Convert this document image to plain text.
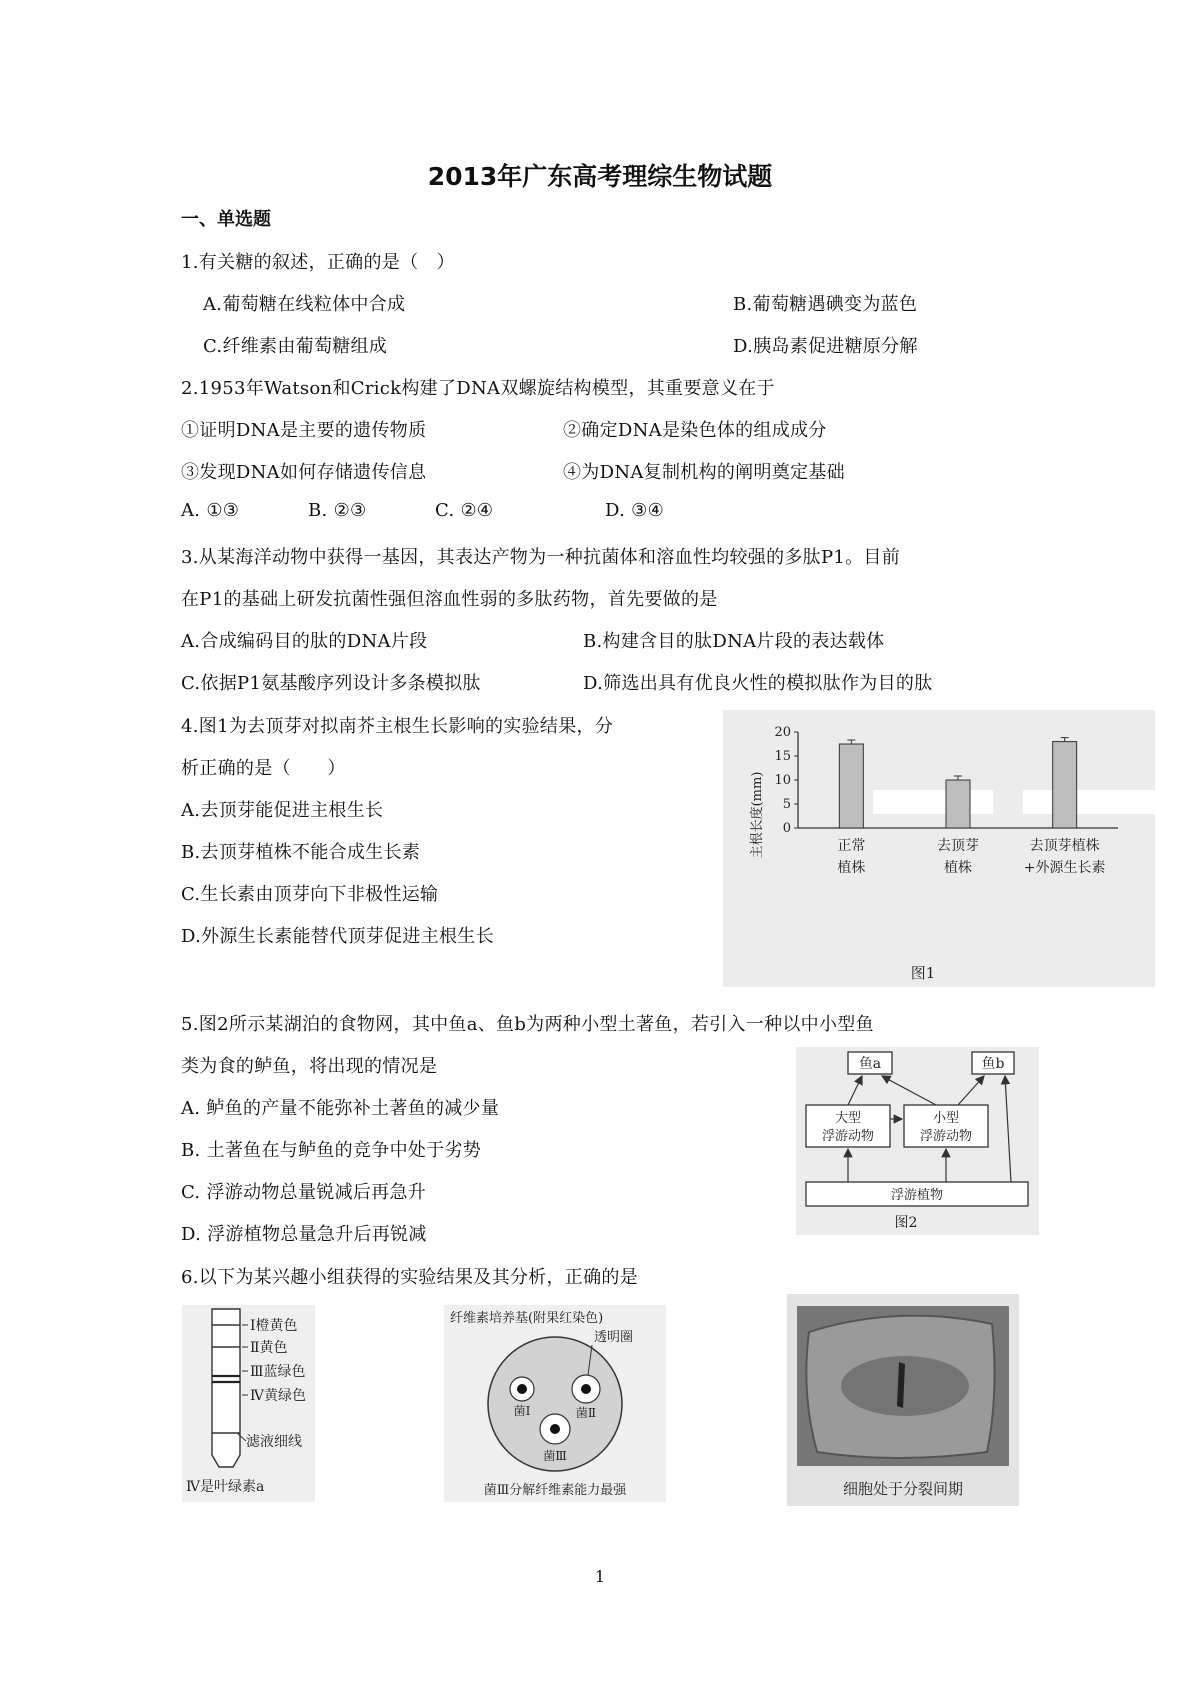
2013年广东高考理综生物试题
一、单选题
1.有关糖的叙述，正确的是（　）
A.葡萄糖在线粒体中合成	B.葡萄糖遇碘变为蓝色
C.纤维素由葡萄糖组成	D.胰岛素促进糖原分解
2.1953年Watson和Crick构建了DNA双螺旋结构模型，其重要意义在于
①证明DNA是主要的遗传物质	②确定DNA是染色体的组成成分
③发现DNA如何存储遗传信息	④为DNA复制机构的阐明奠定基础
A. ①③	B. ②③	C. ②④	D. ③④
3.从某海洋动物中获得一基因，其表达产物为一种抗菌体和溶血性均较强的多肽P1。目前
在P1的基础上研发抗菌性强但溶血性弱的多肽药物，首先要做的是
A.合成编码目的肽的DNA片段	B.构建含目的肽DNA片段的表达载体
C.依据P1氨基酸序列设计多条模拟肽	D.筛选出具有优良火性的模拟肽作为目的肽
4.图1为去顶芽对拟南芥主根生长影响的实验结果，分
析正确的是（　　）
A.去顶芽能促进主根生长
B.去顶芽植株不能合成生长素
C.生长素由顶芽向下非极性运输
D.外源生长素能替代顶芽促进主根生长
0
5
10
15
20
正常
植株
去顶芽
植株
去顶芽植株
+外源生长素
主根长度(mm)
图1
5.图2所示某湖泊的食物网，其中鱼a、鱼b为两种小型土著鱼，若引入一种以中小型鱼
类为食的鲈鱼，将出现的情况是
A. 鲈鱼的产量不能弥补土著鱼的减少量
B. 土著鱼在与鲈鱼的竞争中处于劣势
C. 浮游动物总量锐减后再急升
D. 浮游植物总量急升后再锐减
鱼a	鱼b
大型
浮游动物
小型
浮游动物
浮游植物
图2
6.以下为某兴趣小组获得的实验结果及其分析，正确的是
Ⅰ橙黄色
Ⅱ黄色
Ⅲ蓝绿色
Ⅳ黄绿色
滤液细线
Ⅳ是叶绿素a
纤维素培养基(附果红染色)
透明圈
菌Ⅰ	菌Ⅱ
菌Ⅲ
菌Ⅲ分解纤维素能力最强	细胞处于分裂间期
1
